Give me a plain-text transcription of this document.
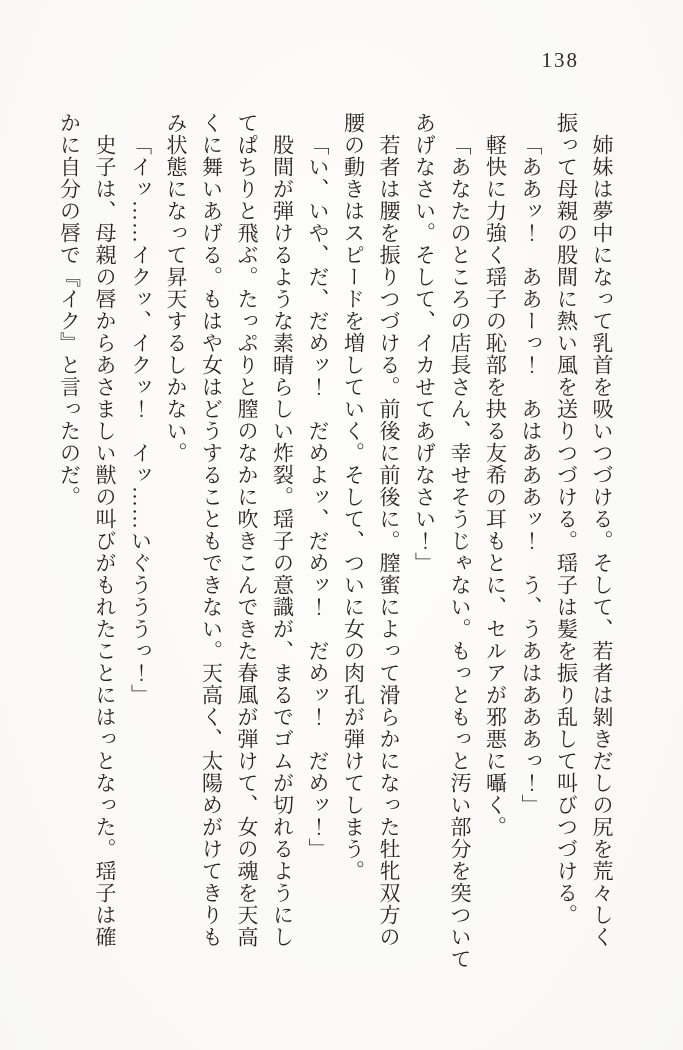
138
姉妹は夢中になって乳首を吸いつづける。そして、若者は剝きだしの尻を荒々しく
振って母親の股間に熱い風を送りつづける。瑶子は髪を振り乱して叫びつづける。
「ああッ！　ああーっ！　あはあああッ！　う、うあはあああっ！」
軽快に力強く瑶子の恥部を抉る友希の耳もとに、セルアが邪悪に囁く。
「あなたのところの店長さん、幸せそうじゃない。もっともっと汚い部分を突ついて
あげなさい。そして、イカせてあげなさい！」
若者は腰を振りつづける。前後に前後に。膣蜜によって滑らかになった牡牝双方の
腰の動きはスピードを増していく。そして、ついに女の肉孔が弾けてしまう。
「い、いや、だ、だめッ！　だめよッ、だめッ！　だめッ！　だめッ！」
股間が弾けるような素晴らしい炸裂。瑶子の意識が、まるでゴムが切れるようにし
てぱちりと飛ぶ。たっぷりと膣のなかに吹きこんできた春風が弾けて、女の魂を天高
くに舞いあげる。もはや女はどうすることもできない。天高く、太陽めがけてきりも
み状態になって昇天するしかない。
「イッ……イクッ、イクッ！　イッ……いぐうううっ！」
史子は、母親の唇からあさましい獣の叫びがもれたことにはっとなった。瑶子は確
かに自分の唇で『イク』と言ったのだ。
